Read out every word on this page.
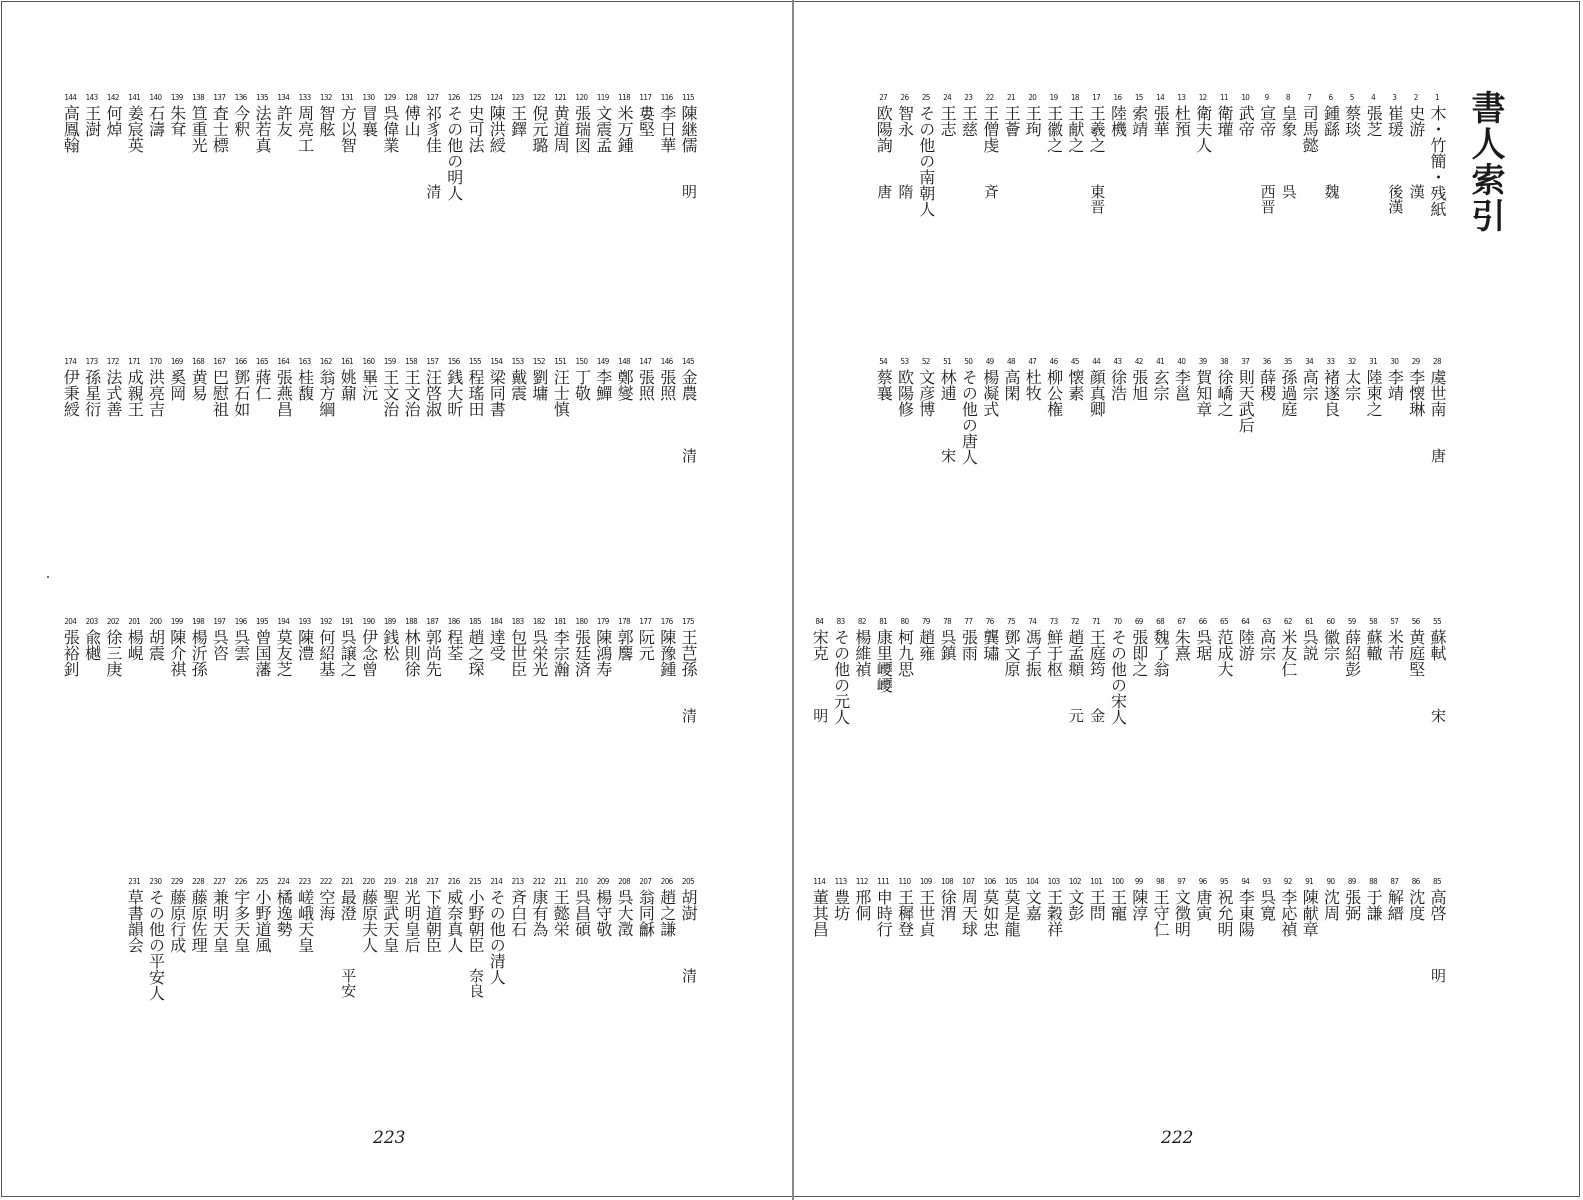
115
陳継儒
明
116
李日華
117
婁堅
118
米万鍾
119
文震孟
120
張瑞図
121
黄道周
122
倪元璐
123
王鐸
124
陳洪綬
125
史可法
126
その他の明人
127
祁豸佳
清
128
傅山
129
呉偉業
130
冒襄
131
方以智
132
智舷
133
周亮工
134
許友
135
法若真
136
今釈
137
査士標
138
笪重光
139
朱耷
140
石濤
141
姜宸英
142
何焯
143
王澍
144
高鳳翰
145
金農
清
146
張照
147
張照
148
鄭燮
149
李鱓
150
丁敬
151
汪士慎
152
劉墉
153
戴震
154
梁同書
155
程瑤田
156
銭大昕
157
汪啓淑
158
王文治
159
王文治
160
畢沅
161
姚鼐
162
翁方綱
163
桂馥
164
張燕昌
165
蔣仁
166
鄧石如
167
巴慰祖
168
黄易
169
奚岡
170
洪亮吉
171
成親王
172
法式善
173
孫星衍
174
伊秉綬
175
王芑孫
清
176
陳豫鍾
177
阮元
178
郭麐
179
陳鴻寿
180
張廷済
181
李宗瀚
182
呉栄光
183
包世臣
184
達受
185
趙之琛
186
程荃
187
郭尚先
188
林則徐
189
銭松
190
伊念曾
191
呉譲之
192
何紹基
193
陳澧
194
莫友芝
195
曾国藩
196
呉雲
197
呉咨
198
楊沂孫
199
陳介祺
200
胡震
201
楊峴
202
徐三庚
203
兪樾
204
張裕釗
205
胡澍
清
206
趙之謙
207
翁同龢
208
呉大澂
209
楊守敬
210
呉昌碩
211
王懿栄
212
康有為
213
斉白石
214
その他の清人
215
小野朝臣
奈良
216
威奈真人
217
下道朝臣
218
光明皇后
219
聖武天皇
220
藤原夫人
221
最澄
平安
222
空海
223
嵯峨天皇
224
橘逸勢
225
小野道風
226
宇多天皇
227
兼明天皇
228
藤原佐理
229
藤原行成
230
その他の平安人
231
草書韻会
1
木・竹簡・残紙
2
史游
漢
3
崔瑗
後漢
4
張芝
5
蔡琰
6
鍾繇
魏
7
司馬懿
8
皇象
呉
9
宣帝
西晋
10
武帝
11
衛瓘
12
衛夫人
13
杜預
14
張華
15
索靖
16
陸機
17
王羲之
東晋
18
王献之
19
王徽之
20
王珣
21
王薈
22
王僧虔
斉
23
王慈
24
王志
25
その他の南朝人
26
智永
隋
27
欧陽詢
唐
28
虞世南
唐
29
李懐琳
30
李靖
31
陸柬之
32
太宗
33
褚遂良
34
高宗
35
孫過庭
36
薛稷
37
則天武后
38
徐嶠之
39
賀知章
40
李邕
41
玄宗
42
張旭
43
徐浩
44
顔真卿
45
懐素
46
柳公権
47
杜牧
48
高閑
49
楊凝式
50
その他の唐人
51
林逋
宋
52
文彦博
53
欧陽修
54
蔡襄
55
蘇軾
宋
56
黄庭堅
57
米芾
58
蘇轍
59
薛紹彭
60
徽宗
61
呉説
62
米友仁
63
高宗
64
陸游
65
范成大
66
呉琚
67
朱熹
68
魏了翁
69
張即之
70
その他の宋人
71
王庭筠
金
72
趙孟頫
元
73
鮮于枢
74
馮子振
75
鄧文原
76
龔璛
77
張雨
78
呉鎮
79
趙雍
80
柯九思
81
康里巎巎
82
楊維禎
83
その他の元人
84
宋克
明
85
高啓
明
86
沈度
87
解縉
88
于謙
89
張弼
90
沈周
91
陳献章
92
李応禎
93
呉寛
94
李東陽
95
祝允明
96
唐寅
97
文徴明
98
王守仁
99
陳淳
100
王寵
101
王問
102
文彭
103
王穀祥
104
文嘉
105
莫是龍
106
莫如忠
107
周天球
108
徐渭
109
王世貞
110
王穉登
111
申時行
112
邢侗
113
豊坊
114
董其昌
書人索引
223	222
